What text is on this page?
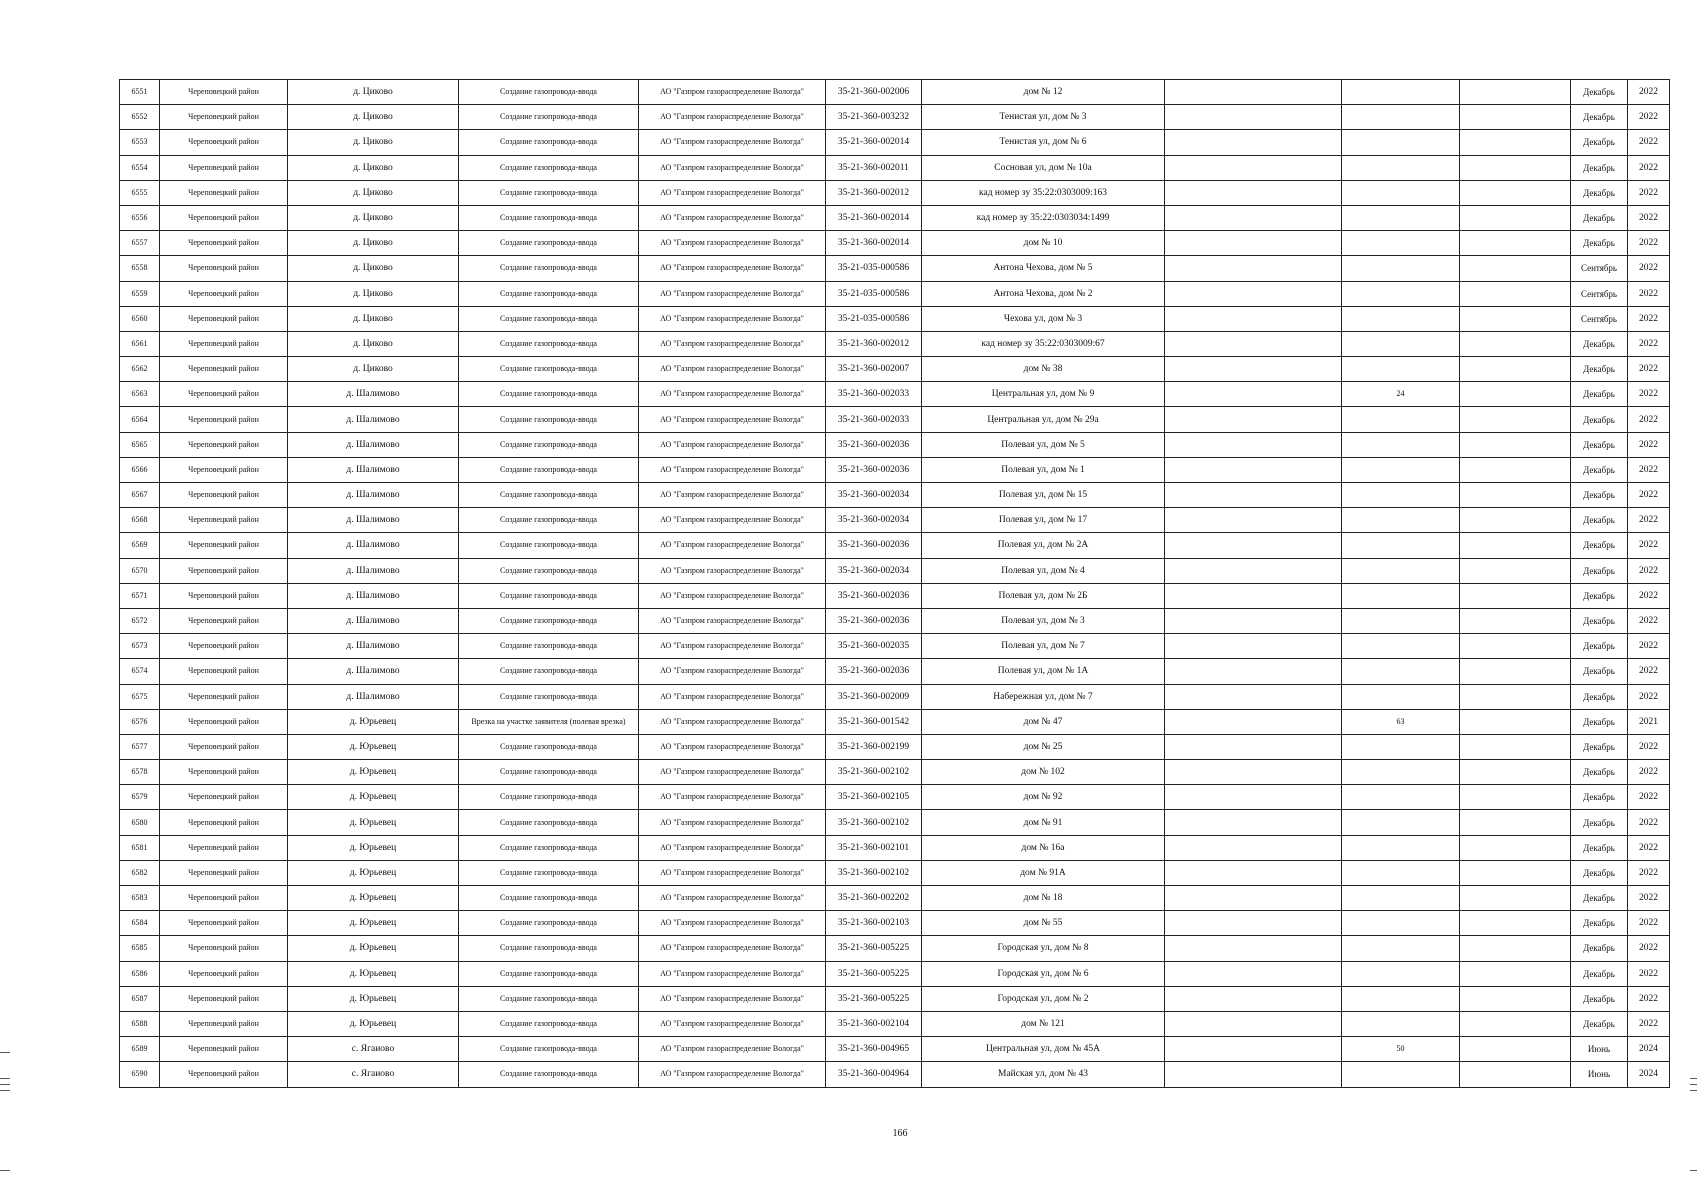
6551	Череповецкий район	д. Циково	Создание газопровода-ввода	АО "Газпром газораспределение Вологда"	35-21-360-002006	дом № 12				Декабрь	2022
6552	Череповецкий район	д. Циково	Создание газопровода-ввода	АО "Газпром газораспределение Вологда"	35-21-360-003232	Тенистая ул, дом № 3				Декабрь	2022
6553	Череповецкий район	д. Циково	Создание газопровода-ввода	АО "Газпром газораспределение Вологда"	35-21-360-002014	Тенистая ул, дом № 6				Декабрь	2022
6554	Череповецкий район	д. Циково	Создание газопровода-ввода	АО "Газпром газораспределение Вологда"	35-21-360-002011	Сосновая ул, дом № 10а				Декабрь	2022
6555	Череповецкий район	д. Циково	Создание газопровода-ввода	АО "Газпром газораспределение Вологда"	35-21-360-002012	кад номер зу 35:22:0303009:163				Декабрь	2022
6556	Череповецкий район	д. Циково	Создание газопровода-ввода	АО "Газпром газораспределение Вологда"	35-21-360-002014	кад номер зу 35:22:0303034:1499				Декабрь	2022
6557	Череповецкий район	д. Циково	Создание газопровода-ввода	АО "Газпром газораспределение Вологда"	35-21-360-002014	дом № 10				Декабрь	2022
6558	Череповецкий район	д. Циково	Создание газопровода-ввода	АО "Газпром газораспределение Вологда"	35-21-035-000586	Антона Чехова, дом № 5				Сентябрь	2022
6559	Череповецкий район	д. Циково	Создание газопровода-ввода	АО "Газпром газораспределение Вологда"	35-21-035-000586	Антона Чехова, дом № 2				Сентябрь	2022
6560	Череповецкий район	д. Циково	Создание газопровода-ввода	АО "Газпром газораспределение Вологда"	35-21-035-000586	Чехова ул, дом № 3				Сентябрь	2022
6561	Череповецкий район	д. Циково	Создание газопровода-ввода	АО "Газпром газораспределение Вологда"	35-21-360-002012	кад номер зу 35:22:0303009:67				Декабрь	2022
6562	Череповецкий район	д. Циково	Создание газопровода-ввода	АО "Газпром газораспределение Вологда"	35-21-360-002007	дом № 38				Декабрь	2022
6563	Череповецкий район	д. Шалимово	Создание газопровода-ввода	АО "Газпром газораспределение Вологда"	35-21-360-002033	Центральная ул, дом № 9		24		Декабрь	2022
6564	Череповецкий район	д. Шалимово	Создание газопровода-ввода	АО "Газпром газораспределение Вологда"	35-21-360-002033	Центральная ул, дом № 29а				Декабрь	2022
6565	Череповецкий район	д. Шалимово	Создание газопровода-ввода	АО "Газпром газораспределение Вологда"	35-21-360-002036	Полевая ул, дом № 5				Декабрь	2022
6566	Череповецкий район	д. Шалимово	Создание газопровода-ввода	АО "Газпром газораспределение Вологда"	35-21-360-002036	Полевая ул, дом № 1				Декабрь	2022
6567	Череповецкий район	д. Шалимово	Создание газопровода-ввода	АО "Газпром газораспределение Вологда"	35-21-360-002034	Полевая ул, дом № 15				Декабрь	2022
6568	Череповецкий район	д. Шалимово	Создание газопровода-ввода	АО "Газпром газораспределение Вологда"	35-21-360-002034	Полевая ул, дом № 17				Декабрь	2022
6569	Череповецкий район	д. Шалимово	Создание газопровода-ввода	АО "Газпром газораспределение Вологда"	35-21-360-002036	Полевая ул, дом № 2А				Декабрь	2022
6570	Череповецкий район	д. Шалимово	Создание газопровода-ввода	АО "Газпром газораспределение Вологда"	35-21-360-002034	Полевая ул, дом № 4				Декабрь	2022
6571	Череповецкий район	д. Шалимово	Создание газопровода-ввода	АО "Газпром газораспределение Вологда"	35-21-360-002036	Полевая ул, дом № 2Б				Декабрь	2022
6572	Череповецкий район	д. Шалимово	Создание газопровода-ввода	АО "Газпром газораспределение Вологда"	35-21-360-002036	Полевая ул, дом № 3				Декабрь	2022
6573	Череповецкий район	д. Шалимово	Создание газопровода-ввода	АО "Газпром газораспределение Вологда"	35-21-360-002035	Полевая ул, дом № 7				Декабрь	2022
6574	Череповецкий район	д. Шалимово	Создание газопровода-ввода	АО "Газпром газораспределение Вологда"	35-21-360-002036	Полевая ул, дом № 1А				Декабрь	2022
6575	Череповецкий район	д. Шалимово	Создание газопровода-ввода	АО "Газпром газораспределение Вологда"	35-21-360-002009	Набережная ул, дом № 7				Декабрь	2022
6576	Череповецкий район	д. Юрьевец	Врезка на участке заявителя (полевая врезка)	АО "Газпром газораспределение Вологда"	35-21-360-001542	дом № 47		63		Декабрь	2021
6577	Череповецкий район	д. Юрьевец	Создание газопровода-ввода	АО "Газпром газораспределение Вологда"	35-21-360-002199	дом № 25				Декабрь	2022
6578	Череповецкий район	д. Юрьевец	Создание газопровода-ввода	АО "Газпром газораспределение Вологда"	35-21-360-002102	дом № 102				Декабрь	2022
6579	Череповецкий район	д. Юрьевец	Создание газопровода-ввода	АО "Газпром газораспределение Вологда"	35-21-360-002105	дом № 92				Декабрь	2022
6580	Череповецкий район	д. Юрьевец	Создание газопровода-ввода	АО "Газпром газораспределение Вологда"	35-21-360-002102	дом № 91				Декабрь	2022
6581	Череповецкий район	д. Юрьевец	Создание газопровода-ввода	АО "Газпром газораспределение Вологда"	35-21-360-002101	дом № 16а				Декабрь	2022
6582	Череповецкий район	д. Юрьевец	Создание газопровода-ввода	АО "Газпром газораспределение Вологда"	35-21-360-002102	дом № 91А				Декабрь	2022
6583	Череповецкий район	д. Юрьевец	Создание газопровода-ввода	АО "Газпром газораспределение Вологда"	35-21-360-002202	дом № 18				Декабрь	2022
6584	Череповецкий район	д. Юрьевец	Создание газопровода-ввода	АО "Газпром газораспределение Вологда"	35-21-360-002103	дом № 55				Декабрь	2022
6585	Череповецкий район	д. Юрьевец	Создание газопровода-ввода	АО "Газпром газораспределение Вологда"	35-21-360-005225	Городская ул, дом № 8				Декабрь	2022
6586	Череповецкий район	д. Юрьевец	Создание газопровода-ввода	АО "Газпром газораспределение Вологда"	35-21-360-005225	Городская ул, дом № 6				Декабрь	2022
6587	Череповецкий район	д. Юрьевец	Создание газопровода-ввода	АО "Газпром газораспределение Вологда"	35-21-360-005225	Городская ул, дом № 2				Декабрь	2022
6588	Череповецкий район	д. Юрьевец	Создание газопровода-ввода	АО "Газпром газораспределение Вологда"	35-21-360-002104	дом № 121				Декабрь	2022
6589	Череповецкий район	с. Ягаиово	Создание газопровода-ввода	АО "Газпром газораспределение Вологда"	35-21-360-004965	Центральная ул, дом № 45А		50		Июнь	2024
6590	Череповецкий район	с. Ягаиово	Создание газопровода-ввода	АО "Газпром газораспределение Вологда"	35-21-360-004964	Майская ул, дом № 43				Июнь	2024
166
